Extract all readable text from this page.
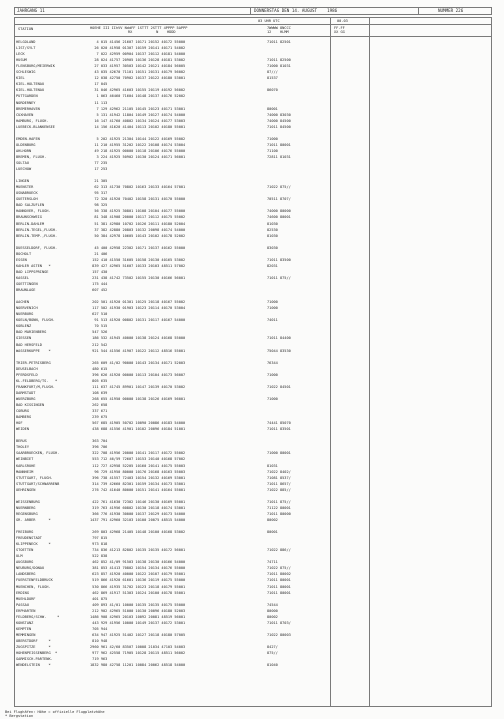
JAHRGANG 11	DONNERSTAG DEN 14. AUGUST    1986	NUMMER 226
03 UHR UTC	00-03
STATION	HOEHE III IIhVV NddFF 1STTT 2STTT 4PPPP 5APPP
RX           N    HDDD
7WWWW 8NCCC
12    HLMM
FF-FF
XX GG
HELGOLAND	4 015 41456 21607 10171 20152 40172 55000	71011 82501
LIST/SYLT	26 020 41958 01307 10159 20141 40171 54002
LECK	7 022 42959 00904 10137 20112 40181 54000
HUSUM	28 024 41757 20905 10136 20128 40181 53002	71011 82500
FLENSBURG/MEIERWIK	27 033 41957 30503 10142 20121 40184 56005	71000 81031
SCHLESWIG	43 035 42670 71101 10151 20131 40179 56002	87///
KIEL	12 038 42750 70902 10137 20122 40180 53001	81537
KIEL-HOLTENAU	17 045
KIEL-HOLTENAU	31 046 42965 41603 10155 20119 40192 56002	86070
PUTTGARDEN	1 063 46460 71604 10148 20137 40176 52002
NORDERNEY	11 113
BREMERHAVEN	7 129 42962 21105 10145 20123 40171 53001	80001
CUXHAVEN	5 131 41942 11804 10149 20127 40174 54000	74000 83030
HAMBURG, FLUGH.	16 147 41760 40802 10134 20124 40177 53003	74000 84500
LUEBECK-BLANKENSEE	14 156 41620 41404 10113 20102 40180 55001	71011 84500
EMDEN-HAFEN	5 202 41925 21304 10144 20122 40169 55002	71000
OLDENBURG	11 210 41955 31202 10122 20108 40174 53004	71011 80001
AHLHORN	49 218 41925 00000 10118 20106 40176 55000	71100
BREMEN, FLUGH.	3 224 41925 50902 10130 20124 40171 56001	72811 81031
SOLTAU	77 235
LUECHOW	17 253
LINGEN	21 305
MUENSTER	62 313 41730 70802 10163 20133 40164 57001	71022 875//
OSNABRUECK	95 317
GUETERSLOH	72 320 41920 70402 10158 20131 40170 55000	70511 8707/
BAD SALZUFLEN	98 325
HANNOVER, FLUGH.	56 338 41925 30801 10108 20104 40177 55000	74000 80000
BRAUNSCHWEIG	81 348 41908 20000 10117 20112 40175 55002	74600 80001
BERLIN-DAHLEM	51 381 42980 10702 10126 20111 40180 52004	81030
BERLIN-TEGEL,FLUGH.	37 382 42880 20803 10132 20098 40174 54000	82530
BERLIN-TEMP.,FLUGH.	50 384 42978 10605 10143 20102 40178 52002	81030
DUESSELDORF, FLUGH.	45 400 42958 22302 10171 20137 40162 55000	83030
BOCHOLT	21 406
ESSEN	152 410 41550 31605 10158 20130 40165 53002	71011 83500
KAHLER ASTEN   *	839 427 42965 51607 10133 20103 48511 57002	82031
BAD LIPPSPRINGE	157 430
KASSEL	231 438 41742 73502 10155 20130 40166 56001	71011 875//
GOETTINGEN	175 444
BRAUNLAGE	607 452
AACHEN	202 501 41920 01301 10125 20118 40167 55002	71000
NOERVENICH	117 502 41930 01903 10123 20114 40170 53004	71000
NUERBURG	627 510
KOELN/BONN, FLUGH.	91 513 41920 00802 10131 20117 40167 54000	74011
KOBLENZ	70 515
BAD MARIENBERG	547 526
GIESSEN	186 532 41945 40000 10138 20124 40168 55000	71011 84400
BAD HERSFELD	212 542
WASSERKUPPE    *	921 544 41556 41907 10122 20112 48516 55001	75044 83530
TRIER-PETRISBERG	265 609 41/02 90000 10143 20134 40171 52003	76344
DEUSELBACH	480 615
PFERDSFELD	396 626 41920 00000 10113 20104 40173 56007	71000
KL.FELDBERG/TS.   *	805 635
FRANKFURT/M,FLUGH.	111 637 41745 89901 10147 20139 40170 53002	71022 84501
DARMSTADT	108 639
WUERZBURG	268 655 41950 00000 10138 20126 40169 56001	71000
BAD KISSINGEN	262 658
COBURG	337 671
BAMBERG	239 675
HOF	567 685 41905 50702 10090 20086 40183 54000	74441 85070
WEIDEN	438 688 41556 41901 10102 20096 40184 51001	71011 83501
BERUS	363 704
THOLEY	396 706
SAARBRUECKEN, FLUGH.	322 708 41956 20000 10141 20117 40172 55002	71000 80001
WEINBIET	553 712 46/59 72607 10153 20140 40168 57002
KARLSRUHE	112 727 42958 52205 10160 20141 40175 55003	81031
MANNHEIM	96 729 41950 80000 10176 20168 40163 55003	71022 8402/
STUTTGART, FLUGH.	396 738 41557 72403 10154 20132 40169 53001	71081 8537/
STUTTGART/SCHNARRENB	314 739 42660 82301 10159 20134 40173 53001	71011 8657/
OEHRINGEN	276 742 41640 80000 10151 20141 40164 55001	71022 885//
WEISSENBURG	422 761 41630 72302 10146 20130 40169 55001	71011 875//
NUERNBERG	319 763 41956 60802 10130 20118 40174 53001	71122 80001
REGENSBURG	366 776 41930 30000 10137 20129 40173 54000	71011 80000
GR. ARBER      *	1437 791 42960 32103 10100 20075 48515 54000	80002
FREIBURG	269 803 42968 21405 10148 20100 40168 53002	80001
FREUDENSTADT	797 815
KLIPPENECK     *	973 818
STOETTEN	734 836 41213 82802 10135 20135 40172 56001	71022 886//
ULM	522 838
AUGSBURG	462 852 41/09 91503 10138 20130 40166 54000	74711
NEUBURG/DONAU	381 853 41413 70802 10154 20134 40176 55000	71022 875//
LANDSBERG	623 857 41920 40000 10122 20107 40179 55001	71011 80002
FUERSTENFELDBRUCK	519 866 41920 61601 10136 20119 40175 55000	71011 80001
MUENCHEN, FLUGH.	530 866 41935 31702 10123 20118 40179 55001	71011 80001
ERDING	462 869 41917 51303 10124 20100 40178 55001	71011 80001
MUEHLDORF	401 875
PASSAU	409 893 41/01 10000 10135 20135 40175 55000	74544
ERPHARTEN	212 902 42965 51000 10130 20096 40180 52003	80000
FELDBERG/SCHW.     *	1486 908 42965 20103 10092 20081 48519 56001	80002
KONSTANZ	443 929 41956 10000 10149 20137 40172 53001	71011 8703/
KEMPTEN	705 944
MEMMINGEN	634 947 41925 51402 10127 20118 40180 57005	71022 80003
OBERSTDORF     *	810 948
ZUGSPITZE      *	2960 961 42/60 83507 10008 21034 47103 54003	8427/
HOHENPEISSENBERG  *	977 962 42558 71905 10128 20115 48511 56002	875//
GARMISCH-PARTENK.	719 963
WENDELSTEIN    *	1832 980 42758 11201 10084 20062 48518 54000	81040
Bei Flughäfen: Höhe = offizielle Flugplatzhöhe
* Bergstation
